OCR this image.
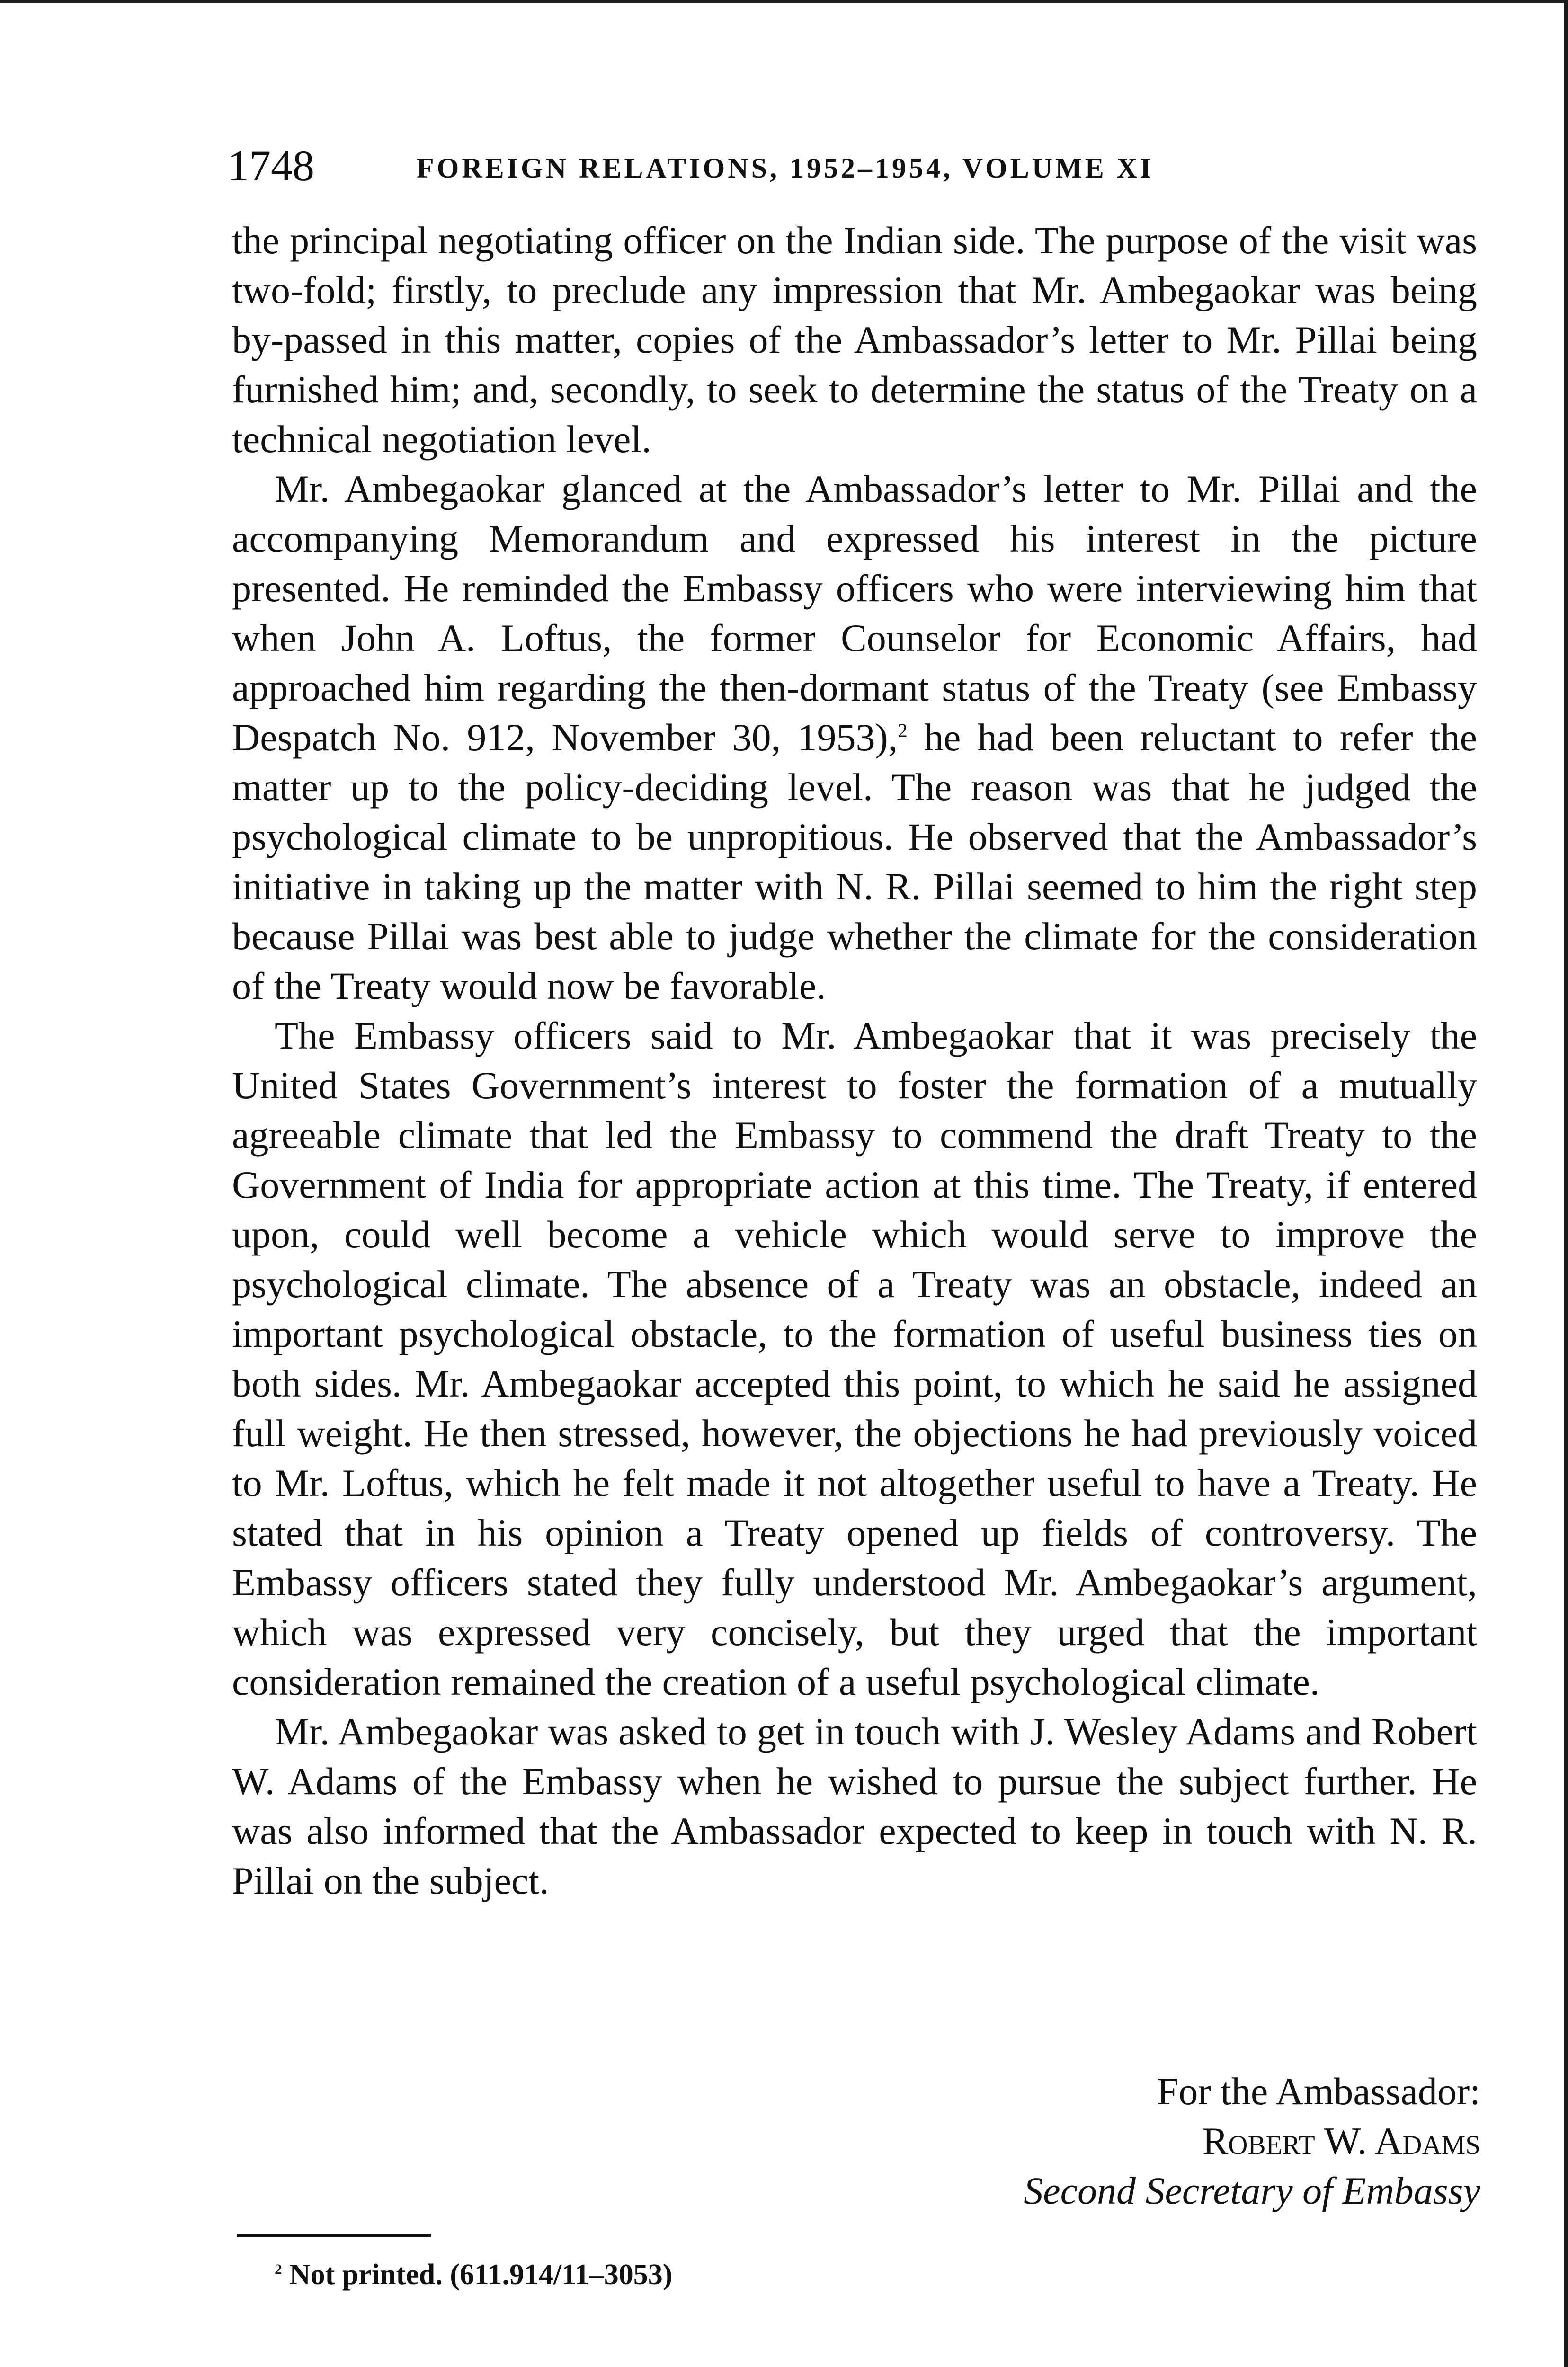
1748	FOREIGN RELATIONS, 1952–1954, VOLUME XI

the principal negotiating officer on the Indian side. The purpose of the visit was two-fold; firstly, to preclude any impression that Mr. Ambegaokar was being by-passed in this matter, copies of the Ambassador’s letter to Mr. Pillai being furnished him; and, secondly, to seek to determine the status of the Treaty on a technical negotiation level.

Mr. Ambegaokar glanced at the Ambassador’s letter to Mr. Pillai and the accompanying Memorandum and expressed his interest in the picture presented. He reminded the Embassy officers who were interviewing him that when John A. Loftus, the former Counselor for Economic Affairs, had approached him regarding the then-dormant status of the Treaty (see Embassy Despatch No. 912, November 30, 1953),$^2$ he had been reluctant to refer the matter up to the policy-deciding level. The reason was that he judged the psychological climate to be unpropitious. He observed that the Ambassador’s initiative in taking up the matter with N. R. Pillai seemed to him the right step because Pillai was best able to judge whether the climate for the consideration of the Treaty would now be favorable.

The Embassy officers said to Mr. Ambegaokar that it was precisely the United States Government’s interest to foster the formation of a mutually agreeable climate that led the Embassy to commend the draft Treaty to the Government of India for appropriate action at this time. The Treaty, if entered upon, could well become a vehicle which would serve to improve the psychological climate. The absence of a Treaty was an obstacle, indeed an important psychological obstacle, to the formation of useful business ties on both sides. Mr. Ambegaokar accepted this point, to which he said he assigned full weight. He then stressed, however, the objections he had previously voiced to Mr. Loftus, which he felt made it not altogether useful to have a Treaty. He stated that in his opinion a Treaty opened up fields of controversy. The Embassy officers stated they fully understood Mr. Ambegaokar’s argument, which was expressed very concisely, but they urged that the important consideration remained the creation of a useful psychological climate.

Mr. Ambegaokar was asked to get in touch with J. Wesley Adams and Robert W. Adams of the Embassy when he wished to pursue the subject further. He was also informed that the Ambassador expected to keep in touch with N. R. Pillai on the subject.

For the Ambassador:
Robert W. Adams
Second Secretary of Embassy
$^2$ Not printed. (611.914/11–3053)
